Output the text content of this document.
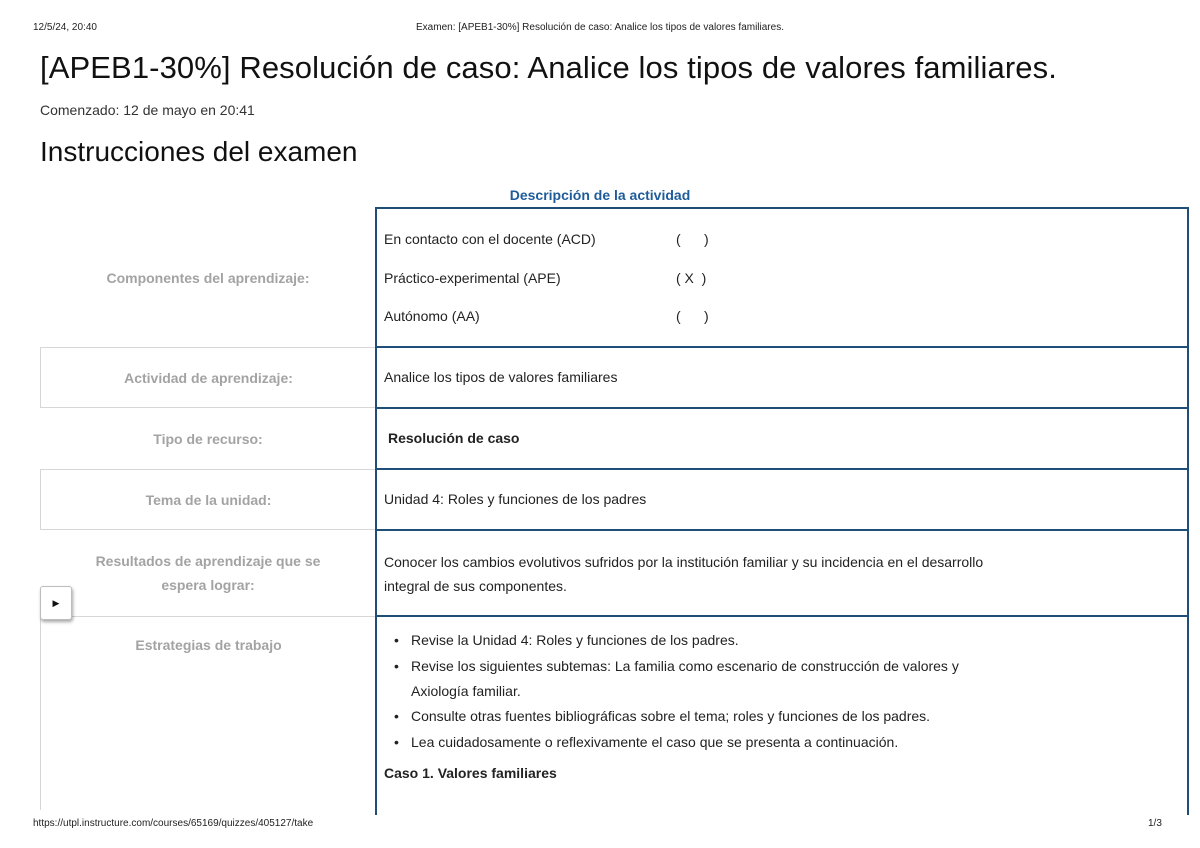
12/5/24, 20:40	Examen: [APEB1-30%] Resolución de caso: Analice los tipos de valores familiares.
[APEB1-30%] Resolución de caso: Analice los tipos de valores familiares.
Comenzado: 12 de mayo en 20:41
Instrucciones del examen
Descripción de la actividad
Componentes del aprendizaje:
En contacto con el docente (ACD)	(      )
Práctico-experimental (APE)	( X  )
Autónomo (AA)	(      )
Actividad de aprendizaje:	Analice los tipos de valores familiares
Tipo de recurso:	Resolución de caso
Tema de la unidad:	Unidad 4: Roles y funciones de los padres
Resultados de aprendizaje que se
espera lograr:
Conocer los cambios evolutivos sufridos por la institución familiar y su incidencia en el desarrollo
integral de sus componentes.
Estrategias de trabajo
•	Revise la Unidad 4: Roles y funciones de los padres.
• Revise los siguientes subtemas: La familia como escenario de construcción de valores y
Axiología familiar.
• Consulte otras fuentes bibliográficas sobre el tema; roles y funciones de los padres.
• Lea cuidadosamente o reflexivamente el caso que se presenta a continuación.
Caso 1. Valores familiares
▶
https://utpl.instructure.com/courses/65169/quizzes/405127/take	1/3
